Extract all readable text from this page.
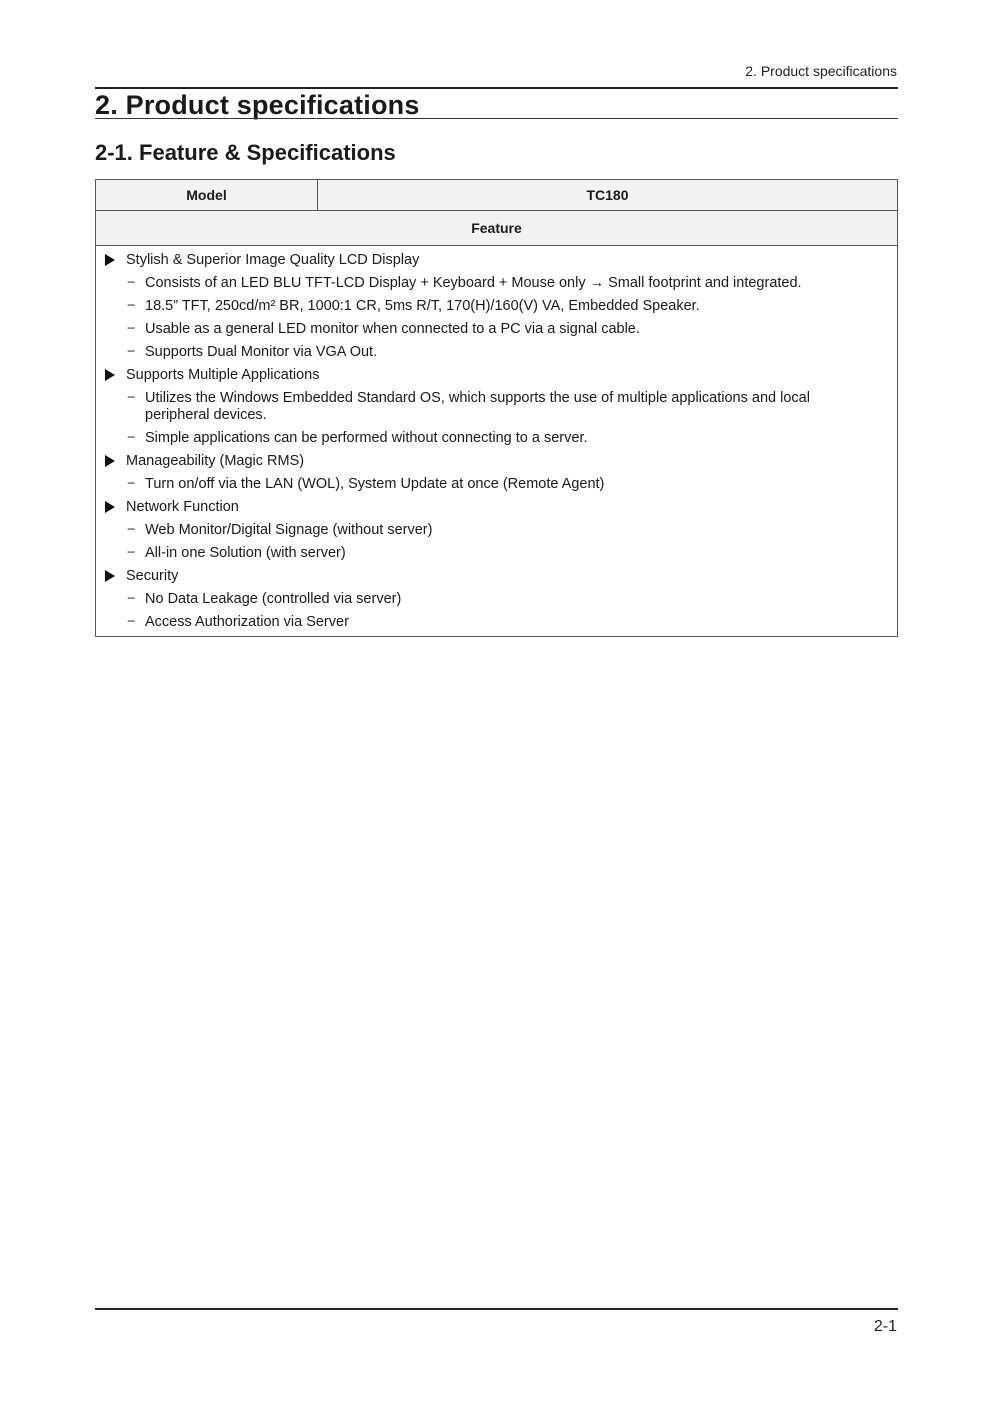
2. Product specifications
2. Product specifications
2-1. Feature & Specifications
Model	TC180
Feature
Stylish & Superior Image Quality LCD Display
− Consists of an LED BLU TFT-LCD Display + Keyboard + Mouse only → Small footprint and integrated.
− 18.5” TFT, 250cd/m² BR, 1000:1 CR, 5ms R/T, 170(H)/160(V) VA, Embedded Speaker.
− Usable as a general LED monitor when connected to a PC via a signal cable.
− Supports Dual Monitor via VGA Out.
Supports Multiple Applications
− Utilizes the Windows Embedded Standard OS, which supports the use of multiple applications and local peripheral devices.
− Simple applications can be performed without connecting to a server.
Manageability (Magic RMS)
− Turn on/off via the LAN (WOL), System Update at once (Remote Agent)
Network Function
− Web Monitor/Digital Signage (without server)
− All-in one Solution (with server)
Security
− No Data Leakage (controlled via server)
− Access Authorization via Server
2-1
